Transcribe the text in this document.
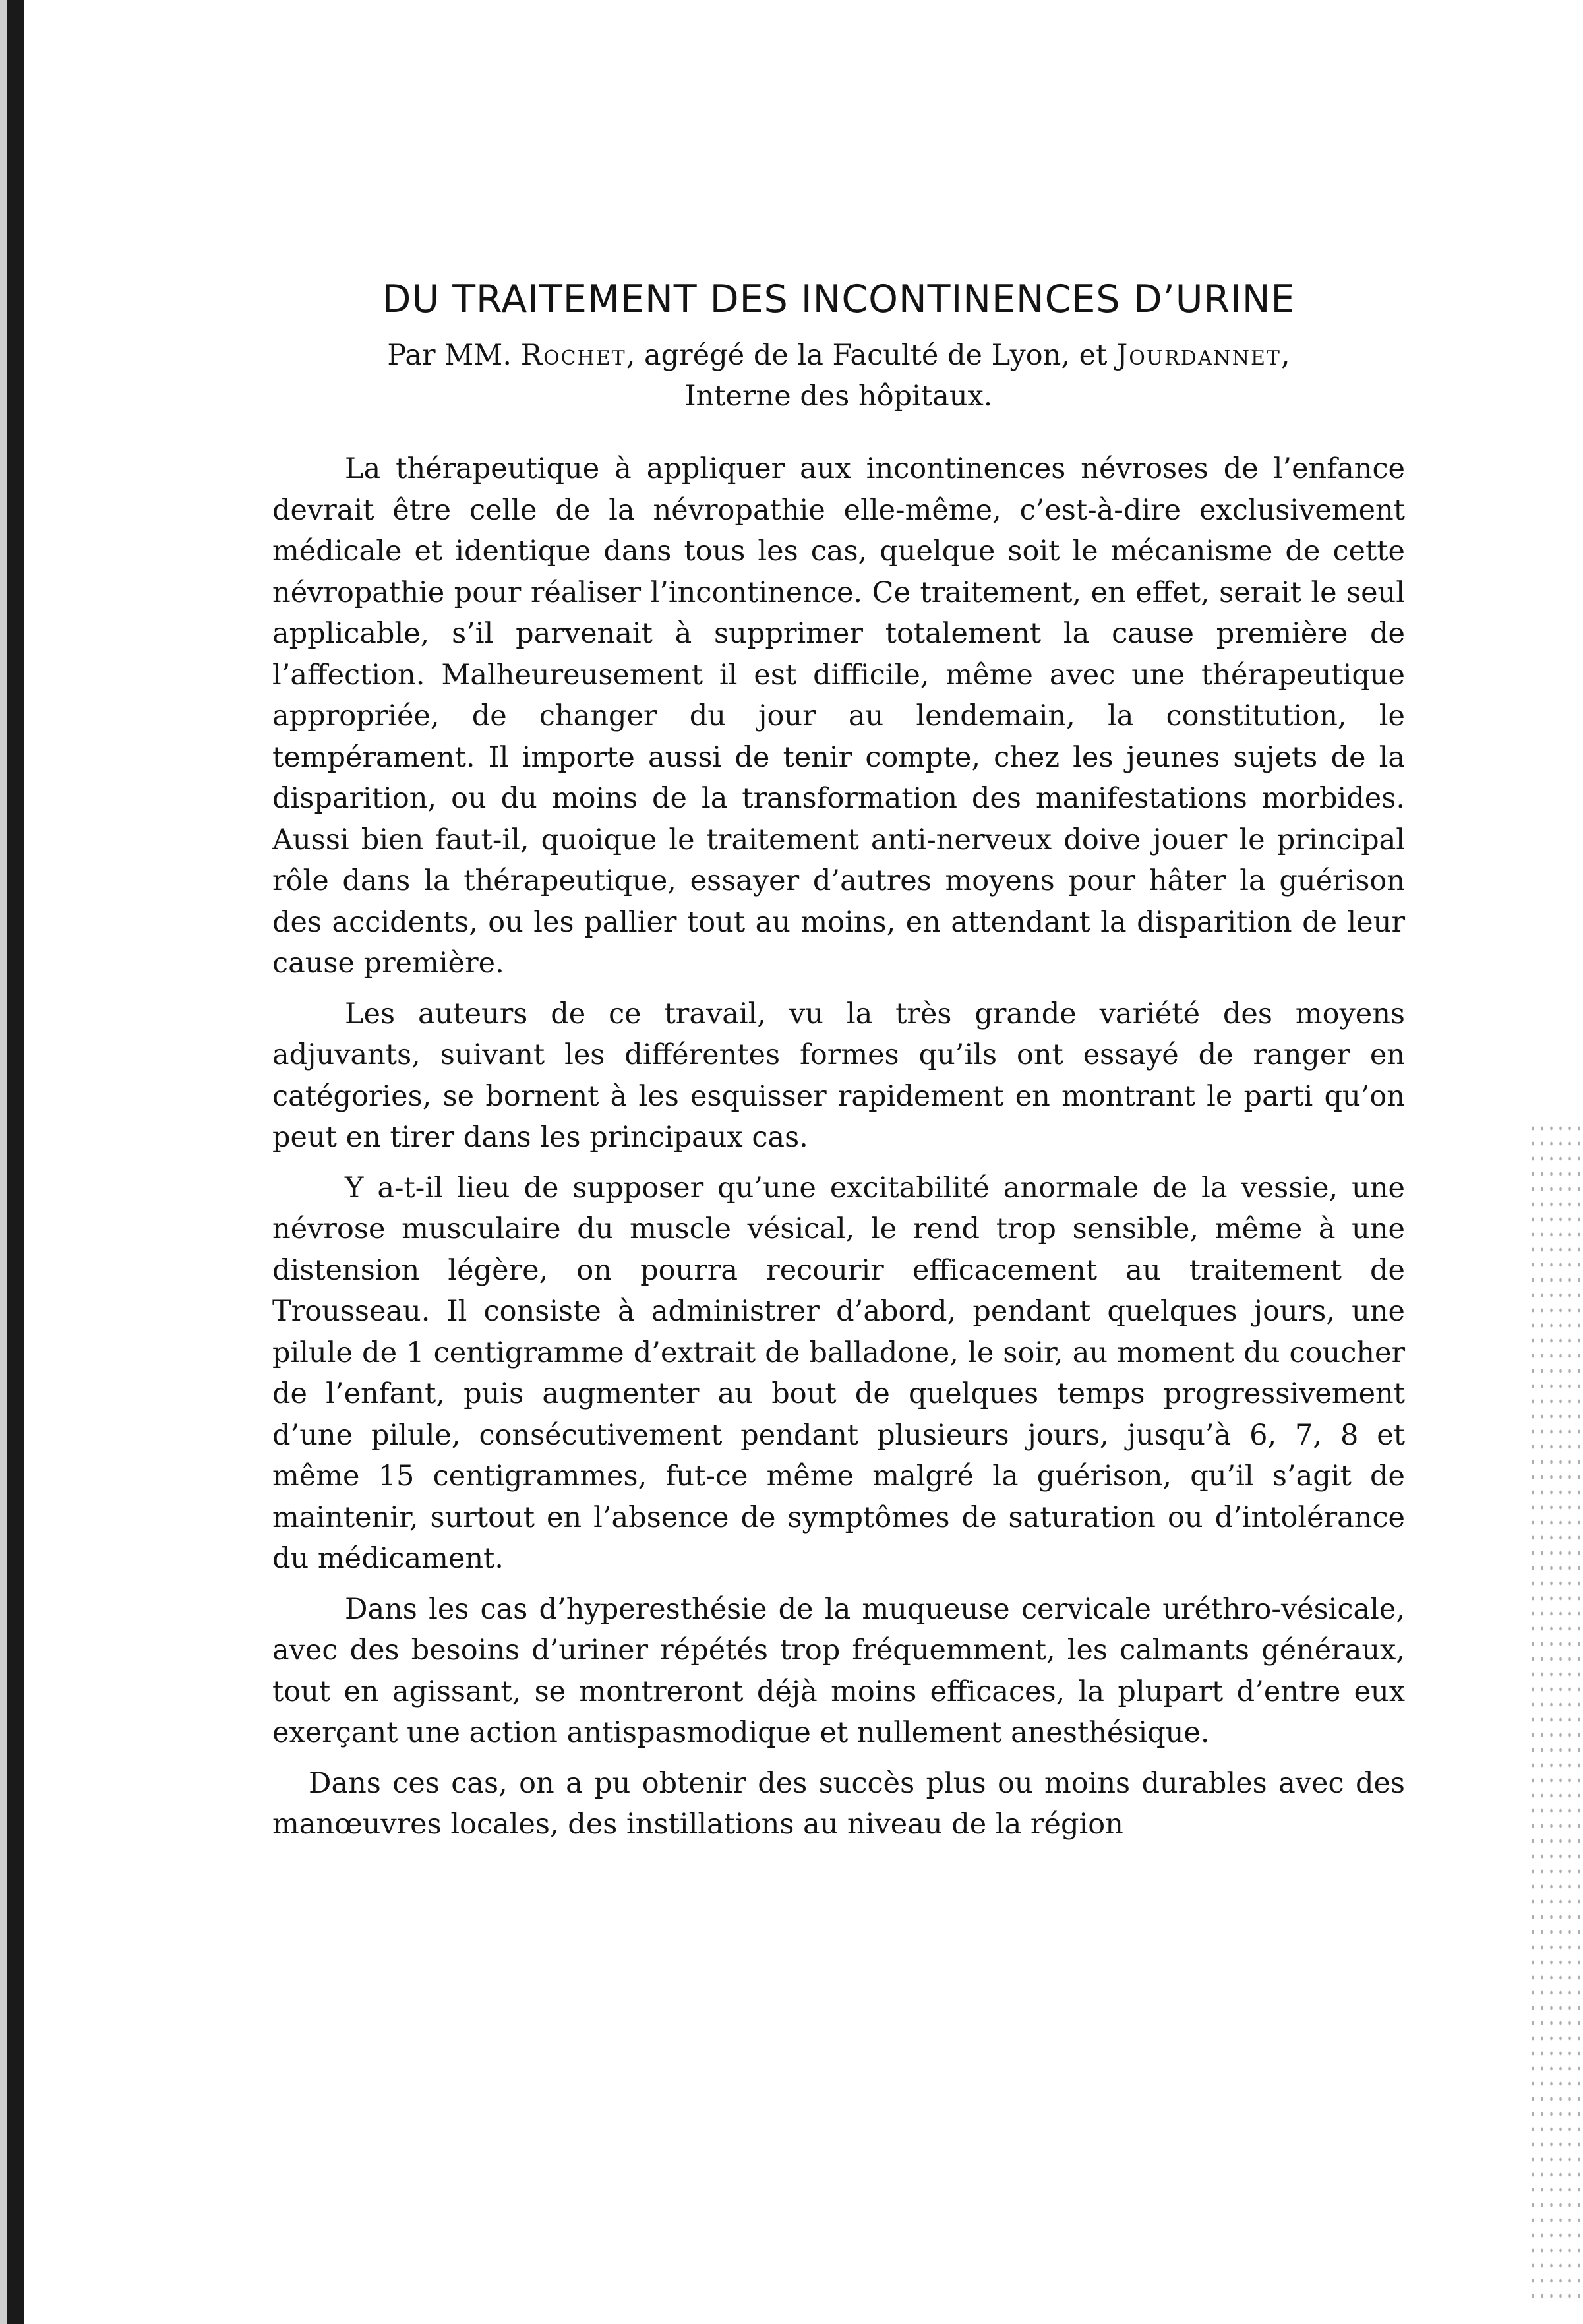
DU TRAITEMENT DES INCONTINENCES D’URINE
Par MM. Rochet, agrégé de la Faculté de Lyon, et Jourdannet,
Interne des hôpitaux.

La thérapeutique à appliquer aux incontinences névroses de l’enfance devrait être celle de la névropathie elle-même, c’est-à-dire exclusivement médicale et identique dans tous les cas, quelque soit le mécanisme de cette névropathie pour réaliser l’incontinence. Ce traitement, en effet, serait le seul applicable, s’il parvenait à supprimer totalement la cause première de l’affection. Malheureusement il est difficile, même avec une thérapeutique appropriée, de changer du jour au lendemain, la constitution, le tempérament. Il importe aussi de tenir compte, chez les jeunes sujets de la disparition, ou du moins de la transformation des manifestations morbides. Aussi bien faut-il, quoique le traitement anti-nerveux doive jouer le principal rôle dans la thérapeutique, essayer d’autres moyens pour hâter la guérison des accidents, ou les pallier tout au moins, en attendant la disparition de leur cause première.

Les auteurs de ce travail, vu la très grande variété des moyens adjuvants, suivant les différentes formes qu’ils ont essayé de ranger en catégories, se bornent à les esquisser rapidement en montrant le parti qu’on peut en tirer dans les principaux cas.

Y a-t-il lieu de supposer qu’une excitabilité anormale de la vessie, une névrose musculaire du muscle vésical, le rend trop sensible, même à une distension légère, on pourra recourir efficacement au traitement de Trousseau. Il consiste à administrer d’abord, pendant quelques jours, une pilule de 1 centigramme d’extrait de balladone, le soir, au moment du coucher de l’enfant, puis augmenter au bout de quelques temps progressivement d’une pilule, consécutivement pendant plusieurs jours, jusqu’à 6, 7, 8 et même 15 centigrammes, fut-ce même malgré la guérison, qu’il s’agit de maintenir, surtout en l’absence de symptômes de saturation ou d’intolérance du médicament.

Dans les cas d’hyperesthésie de la muqueuse cervicale uréthro-vésicale, avec des besoins d’uriner répétés trop fréquemment, les calmants généraux, tout en agissant, se montreront déjà moins efficaces, la plupart d’entre eux exerçant une action antispasmodique et nullement anesthésique.

Dans ces cas, on a pu obtenir des succès plus ou moins durables avec des manœuvres locales, des instillations au niveau de la région
